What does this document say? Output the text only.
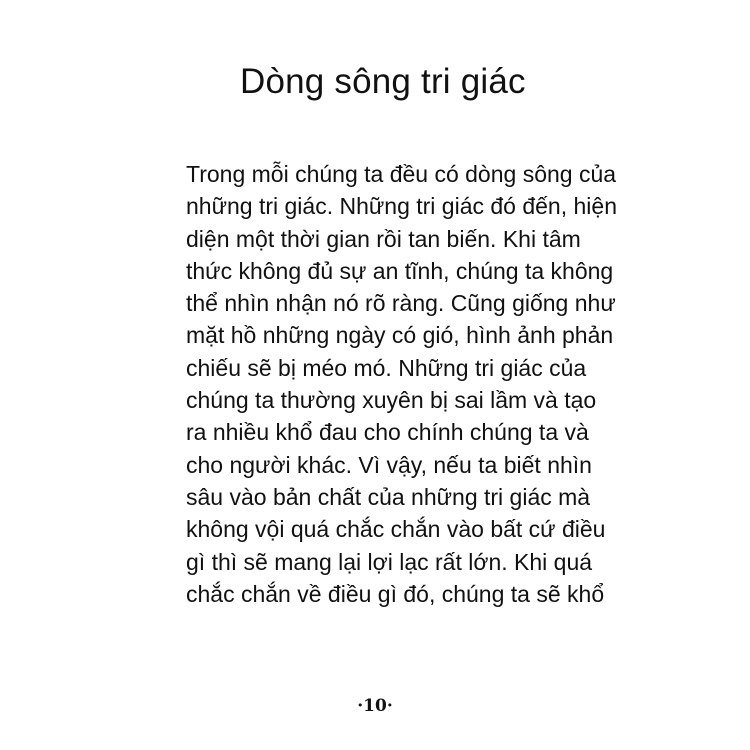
Dòng sông tri giác
Trong mỗi chúng ta đều có dòng sông của
những tri giác. Những tri giác đó đến, hiện
diện một thời gian rồi tan biến. Khi tâm
thức không đủ sự an tĩnh, chúng ta không
thể nhìn nhận nó rõ ràng. Cũng giống như
mặt hồ những ngày có gió, hình ảnh phản
chiếu sẽ bị méo mó. Những tri giác của
chúng ta thường xuyên bị sai lầm và tạo
ra nhiều khổ đau cho chính chúng ta và
cho người khác. Vì vậy, nếu ta biết nhìn
sâu vào bản chất của những tri giác mà
không vội quá chắc chắn vào bất cứ điều
gì thì sẽ mang lại lợi lạc rất lớn. Khi quá
chắc chắn về điều gì đó, chúng ta sẽ khổ
·10·
